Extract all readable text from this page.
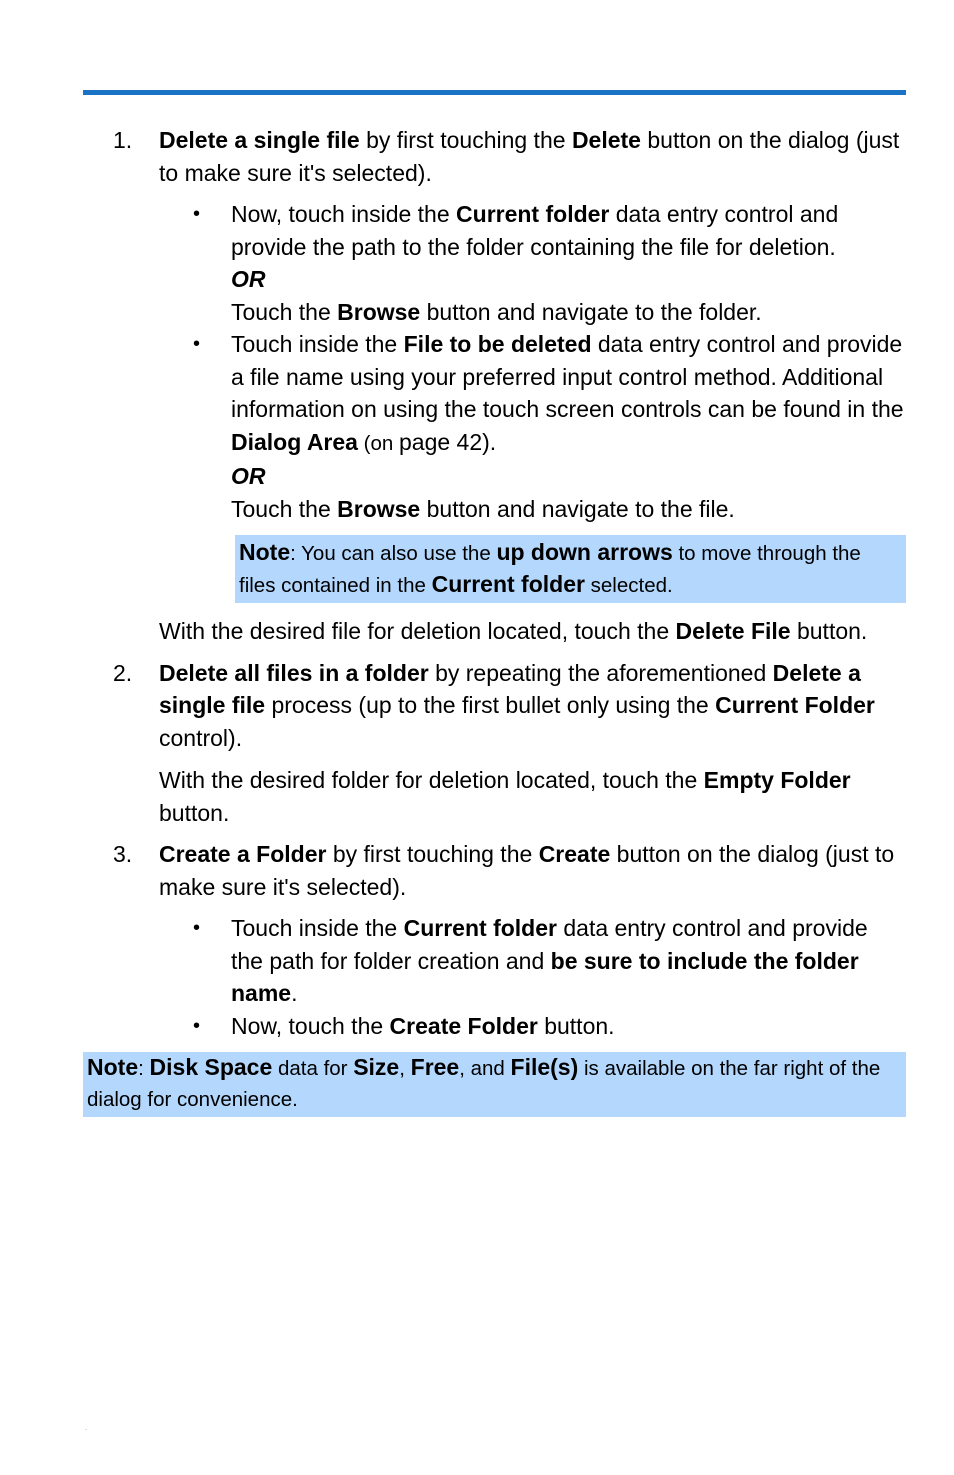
1. Delete a single file by first touching the Delete button on the dialog (just to make sure it's selected).

• Now, touch inside the Current folder data entry control and provide the path to the folder containing the file for deletion.
OR
Touch the Browse button and navigate to the folder.
• Touch inside the File to be deleted data entry control and provide a file name using your preferred input control method. Additional information on using the touch screen controls can be found in the Dialog Area (on page 42).
OR
Touch the Browse button and navigate to the file.
Note: You can also use the up down arrows to move through the files contained in the Current folder selected.

With the desired file for deletion located, touch the Delete File button.

2. Delete all files in a folder by repeating the aforementioned Delete a single file process (up to the first bullet only using the Current Folder control).

With the desired folder for deletion located, touch the Empty Folder button.

3. Create a Folder by first touching the Create button on the dialog (just to make sure it's selected).

• Touch inside the Current folder data entry control and provide the path for folder creation and be sure to include the folder name.
• Now, touch the Create Folder button.
Note: Disk Space data for Size, Free, and File(s) is available on the far right of the dialog for convenience.
.
